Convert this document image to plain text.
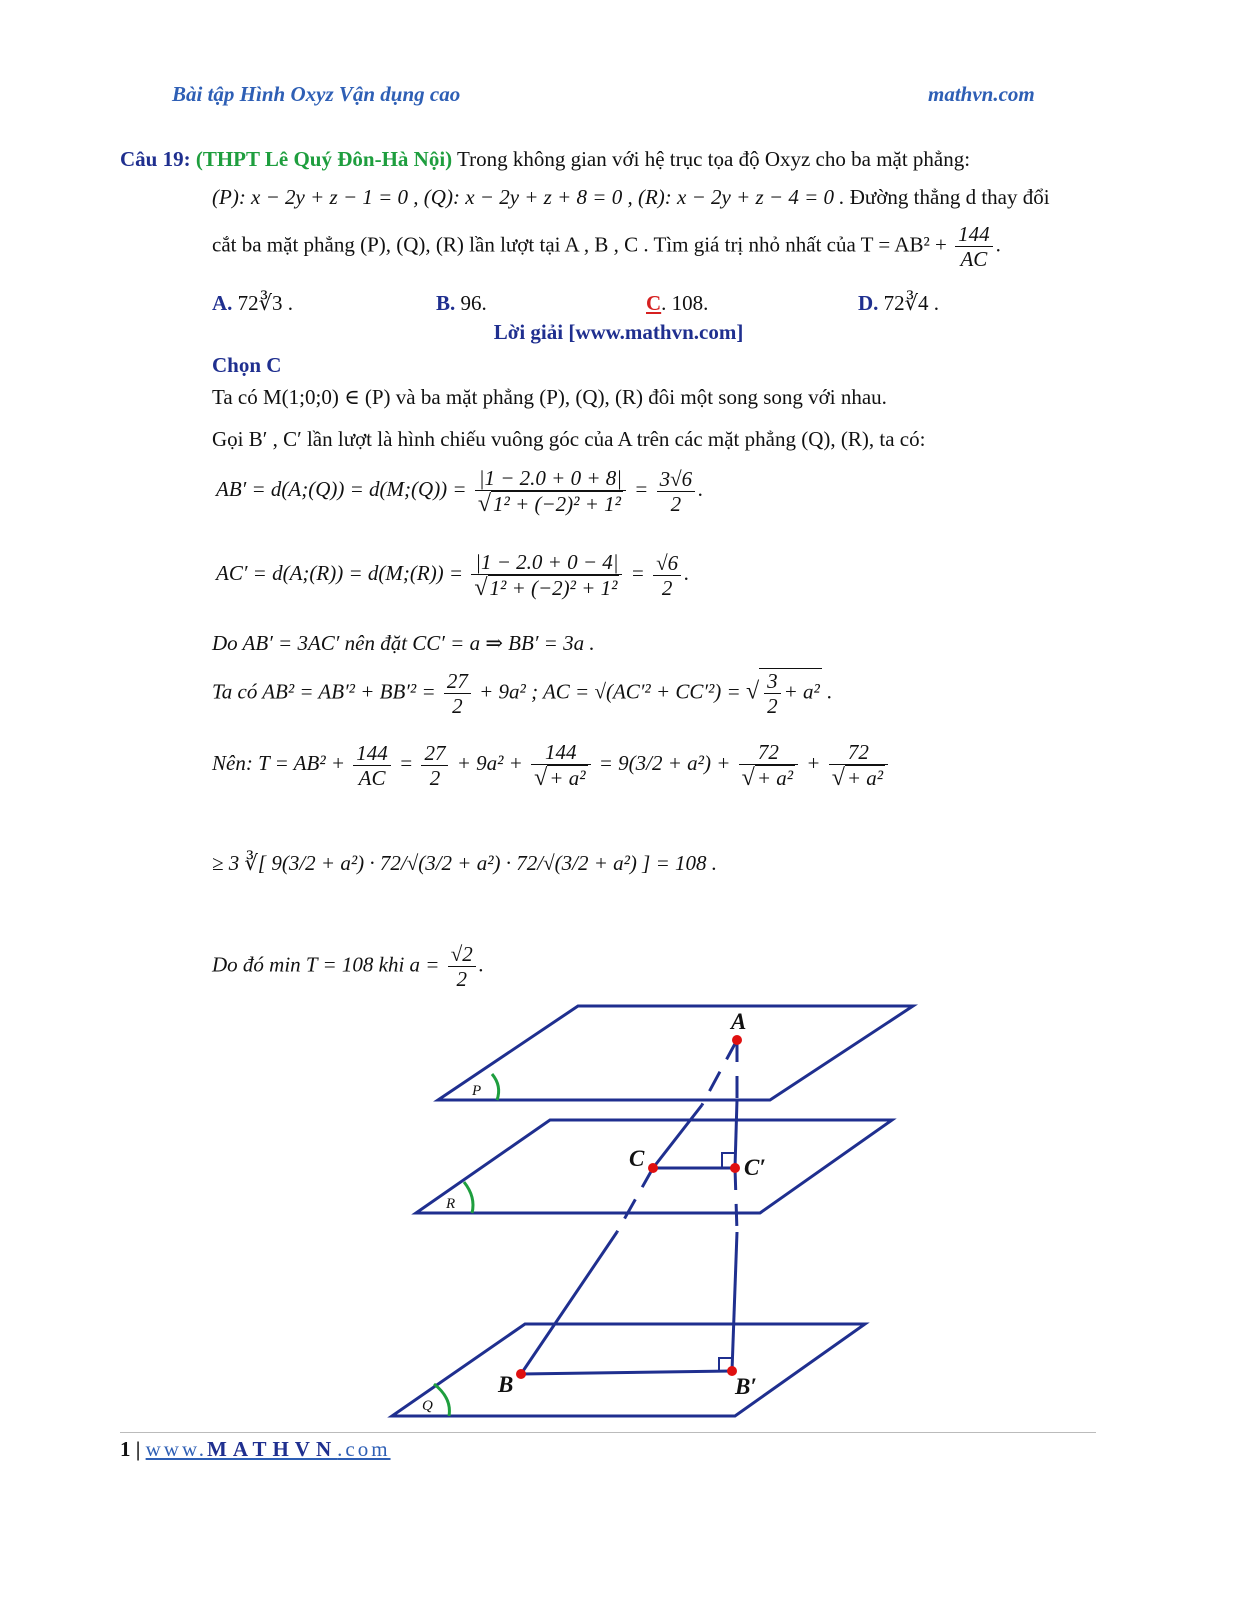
Bài tập Hình Oxyz Vận dụng cao	mathvn.com
Câu 19: (THPT Lê Quý Đôn-Hà Nội) Trong không gian với hệ trục tọa độ Oxyz cho ba mặt phẳng:
(P): x − 2y + z − 1 = 0 , (Q): x − 2y + z + 8 = 0 , (R): x − 2y + z − 4 = 0 . Đường thẳng d thay đổi
cắt ba mặt phẳng (P), (Q), (R) lần lượt tại A , B , C . Tìm giá trị nhỏ nhất của $T = AB^2 + \frac{144}{AC}$ .
A. 72∛3 .	B. 96.	C. 108.	D. 72∛4 .
Lời giải [www.mathvn.com]
Chọn C
Ta có M(1;0;0) ∈ (P) và ba mặt phẳng (P), (Q), (R) đôi một song song với nhau.
Gọi B′ , C′ lần lượt là hình chiếu vuông góc của A trên các mặt phẳng (Q), (R), ta có:
AB′ = d(A;(Q)) = d(M;(Q)) = $\frac{|1 - 2.0 + 0 + 8|}{\text{√1² + (−2)² + 1²}} = \frac{3√6}{2}$ .
AC′ = d(A;(R)) = d(M;(R)) = $\frac{|1 - 2.0 + 0 - 4|}{\text{√1² + (−2)² + 1²}} = \frac{√6}{2}$ .
Do AB′ = 3AC′ nên đặt CC′ = a ⇒ BB′ = 3a .
Ta có $AB^2 = AB'^2 + BB'^2 = \frac{27}{2} + 9a^2$ ; AC = √(AC′² + CC′²) = √ $\frac{3}{2} + a^2$ .
Nên: $T = AB^2 + \frac{144}{AC} = \frac{27}{2} + 9a^2 + \frac{144}{\text{√+ a²}} = 9(3/2 + a^2) + \frac{72}{\text{√+ a²}} + \frac{72}{\text{√+ a²}}$
≥ 3 ∛[ 9(3/2 + a²) · 72/√(3/2 + a²) · 72/√(3/2 + a²) ] = 108 .
Do đó min T = 108 khi $a = \frac{√2}{2}$ .
A
C	C′
B	B′
P
R
Q
1 | www.MATHVN.com
